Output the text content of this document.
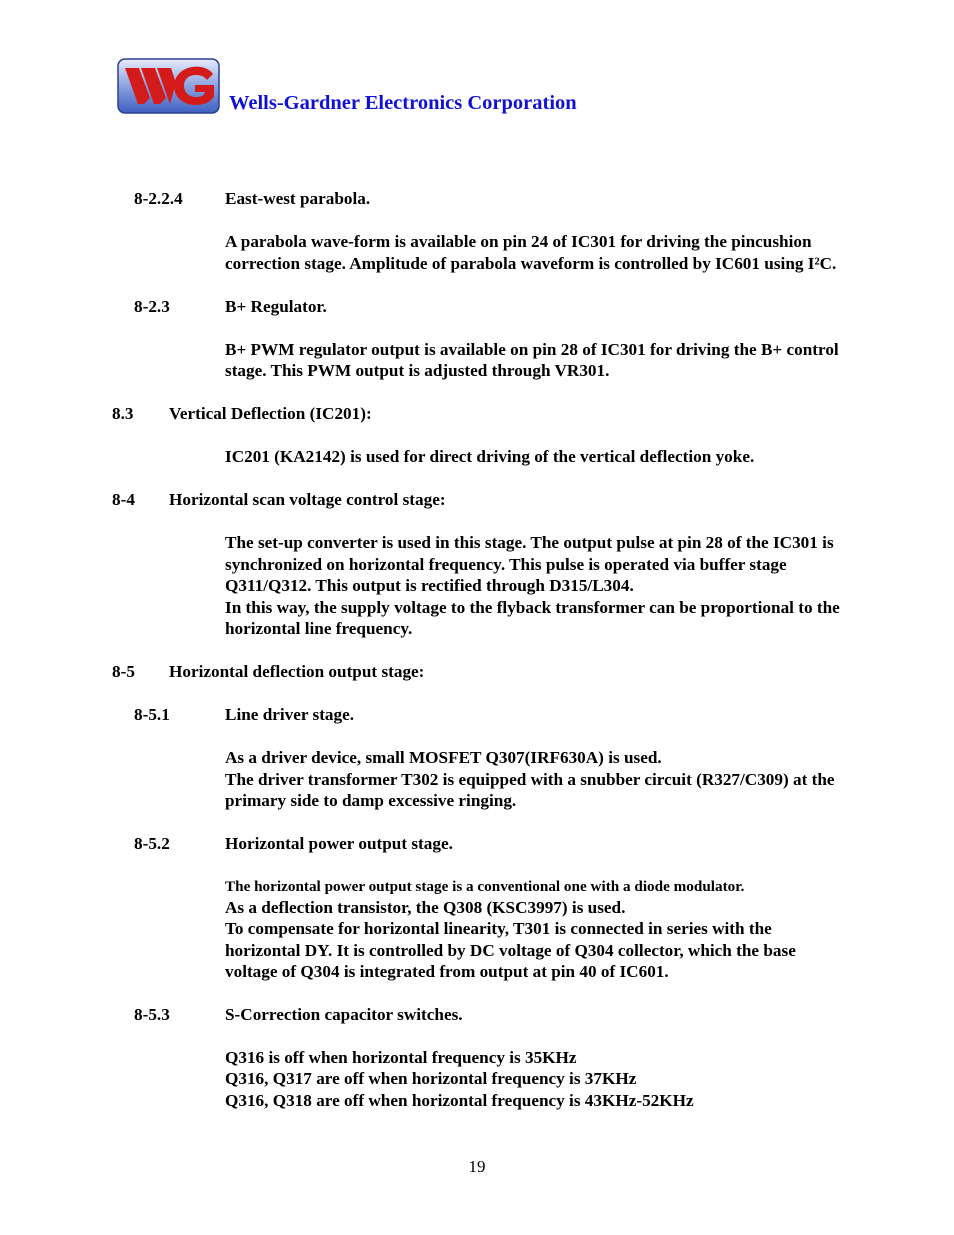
Wells-Gardner Electronics Corporation
8-2.2.4 East-west parabola.
A parabola wave-form is available on pin 24 of IC301 for driving the pincushion
correction stage. Amplitude of parabola waveform is controlled by IC601 using I²C.
8-2.3	B+ Regulator.
B+ PWM regulator output is available on pin 28 of IC301 for driving the B+ control
stage. This PWM output is adjusted through VR301.
8.3 Vertical Deflection (IC201):
IC201 (KA2142) is used for direct driving of the vertical deflection yoke.
8-4 Horizontal scan voltage control stage:
The set-up converter is used in this stage. The output pulse at pin 28 of the IC301 is
synchronized on horizontal frequency. This pulse is operated via buffer stage
Q311/Q312. This output is rectified through D315/L304.
In this way, the supply voltage to the flyback transformer can be proportional to the
horizontal line frequency.
8-5 Horizontal deflection output stage:
8-5.1	Line driver stage.
As a driver device, small MOSFET Q307(IRF630A) is used.
The driver transformer T302 is equipped with a snubber circuit (R327/C309) at the
primary side to damp excessive ringing.
8-5.2	Horizontal power output stage.
The horizontal power output stage is a conventional one with a diode modulator.
As a deflection transistor, the Q308 (KSC3997) is used.
To compensate for horizontal linearity, T301 is connected in series with the
horizontal DY. It is controlled by DC voltage of Q304 collector, which the base
voltage of Q304 is integrated from output at pin 40 of IC601.
8-5.3	S-Correction capacitor switches.
Q316 is off when horizontal frequency is 35KHz
Q316, Q317 are off when horizontal frequency is 37KHz
Q316, Q318 are off when horizontal frequency is 43KHz-52KHz
19
